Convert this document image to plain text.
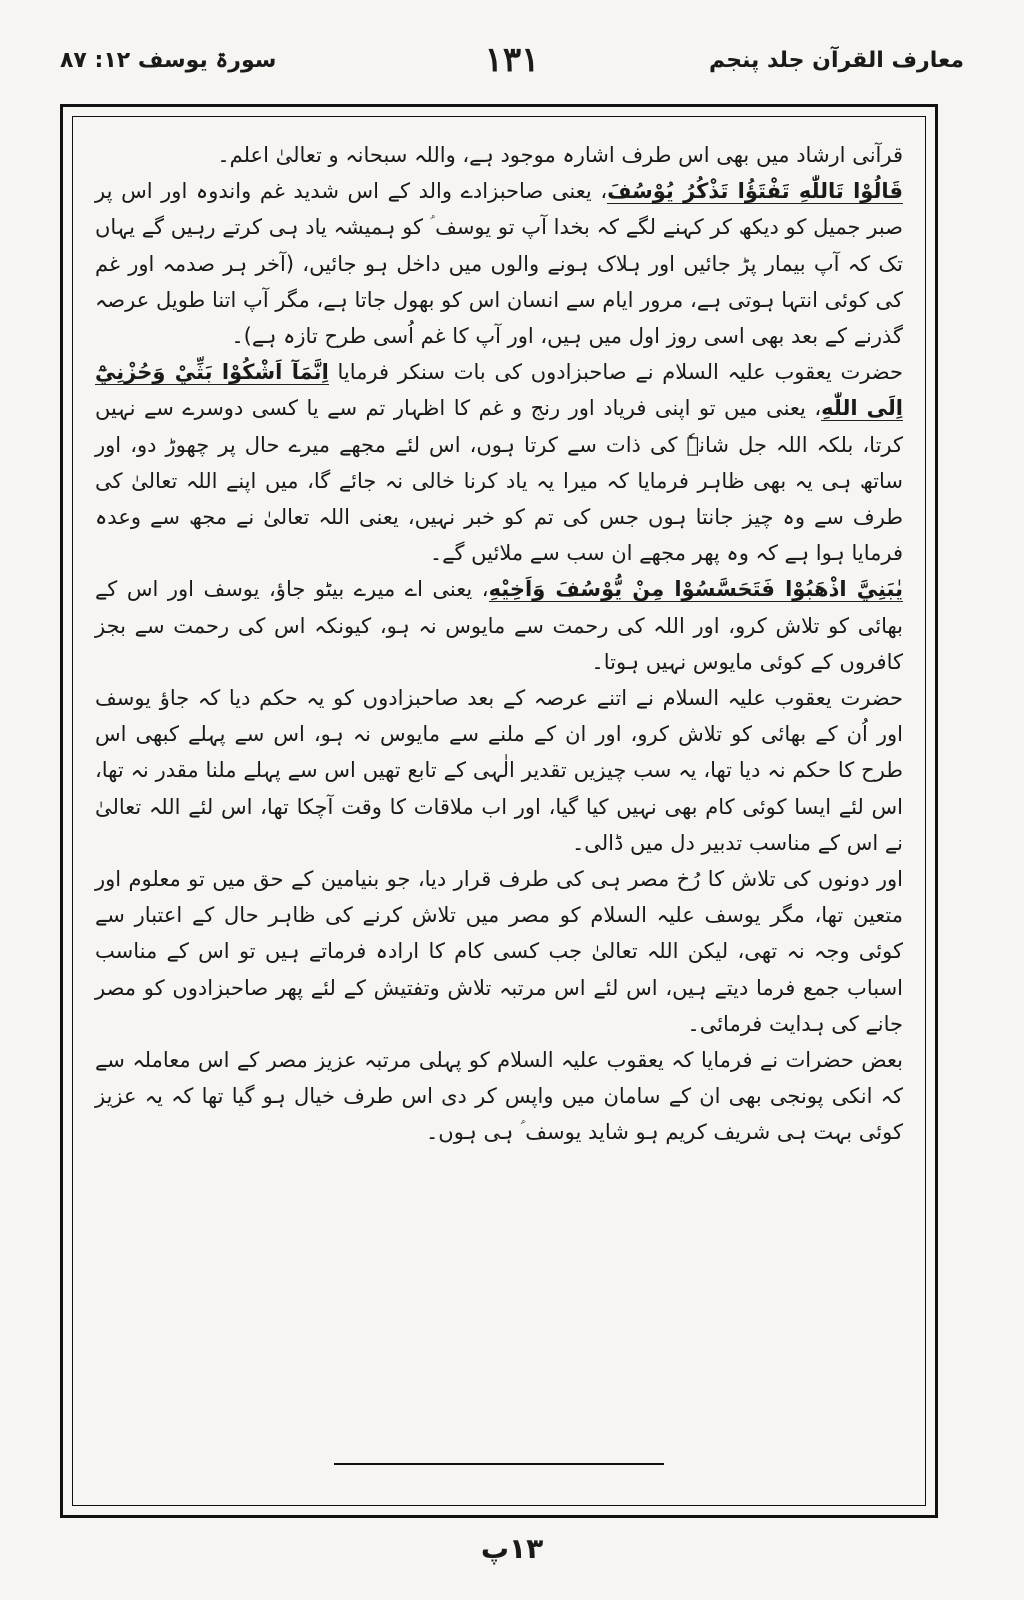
سورۃ یوسف ۱۲: ۸۷	۱۳۱	معارف القرآن جلد پنجم

قرآنی ارشاد میں بھی اس طرف اشارہ موجود ہے، واللہ سبحانہ و تعالیٰ اعلم۔

قَالُوْا تَاللّٰهِ تَفْتَؤُا تَذْكُرُ يُوْسُفَ، یعنی صاحبزادے والد کے اس شدید غم واندوہ اور اس پر صبر جمیل کو دیکھ کر کہنے لگے کہ بخدا آپ تو یوسف ؑ کو ہمیشہ یاد ہی کرتے رہیں گے یہاں تک کہ آپ بیمار پڑ جائیں اور ہلاک ہونے والوں میں داخل ہو جائیں، (آخر ہر صدمہ اور غم کی کوئی انتہا ہوتی ہے، مرور ایام سے انسان اس کو بھول جاتا ہے، مگر آپ اتنا طویل عرصہ گذرنے کے بعد بھی اسی روز اول میں ہیں، اور آپ کا غم اُسی طرح تازہ ہے)۔

حضرت یعقوب علیہ السلام نے صاحبزادوں کی بات سنکر فرمایا اِنَّمَآ اَشْكُوْا بَثِّيْ وَحُزْنِيْٓ اِلَى اللّٰهِ، یعنی میں تو اپنی فریاد اور رنج و غم کا اظہار تم سے یا کسی دوسرے سے نہیں کرتا، بلکہ اللہ جل شانہٗ کی ذات سے کرتا ہوں، اس لئے مجھے میرے حال پر چھوڑ دو، اور ساتھ ہی یہ بھی ظاہر فرمایا کہ میرا یہ یاد کرنا خالی نہ جائے گا، میں اپنے اللہ تعالیٰ کی طرف سے وہ چیز جانتا ہوں جس کی تم کو خبر نہیں، یعنی اللہ تعالیٰ نے مجھ سے وعدہ فرمایا ہوا ہے کہ وہ پھر مجھے ان سب سے ملائیں گے۔

يٰبَنِيَّ اذْهَبُوْا فَتَحَسَّسُوْا مِنْ يُّوْسُفَ وَاَخِيْهِ، یعنی اے میرے بیٹو جاؤ، یوسف اور اس کے بھائی کو تلاش کرو، اور اللہ کی رحمت سے مایوس نہ ہو، کیونکہ اس کی رحمت سے بجز کافروں کے کوئی مایوس نہیں ہوتا۔

حضرت یعقوب علیہ السلام نے اتنے عرصہ کے بعد صاحبزادوں کو یہ حکم دیا کہ جاؤ یوسف اور اُن کے بھائی کو تلاش کرو، اور ان کے ملنے سے مایوس نہ ہو، اس سے پہلے کبھی اس طرح کا حکم نہ دیا تھا، یہ سب چیزیں تقدیر الٰہی کے تابع تھیں اس سے پہلے ملنا مقدر نہ تھا، اس لئے ایسا کوئی کام بھی نہیں کیا گیا، اور اب ملاقات کا وقت آچکا تھا، اس لئے اللہ تعالیٰ نے اس کے مناسب تدبیر دل میں ڈالی۔

اور دونوں کی تلاش کا رُخ مصر ہی کی طرف قرار دیا، جو بنیامین کے حق میں تو معلوم اور متعین تھا، مگر یوسف علیہ السلام کو مصر میں تلاش کرنے کی ظاہر حال کے اعتبار سے کوئی وجہ نہ تھی، لیکن اللہ تعالیٰ جب کسی کام کا ارادہ فرماتے ہیں تو اس کے مناسب اسباب جمع فرما دیتے ہیں، اس لئے اس مرتبہ تلاش وتفتیش کے لئے پھر صاحبزادوں کو مصر جانے کی ہدایت فرمائی۔

بعض حضرات نے فرمایا کہ یعقوب علیہ السلام کو پہلی مرتبہ عزیز مصر کے اس معاملہ سے کہ انکی پونجی بھی ان کے سامان میں واپس کر دی اس طرف خیال ہو گیا تھا کہ یہ عزیز کوئی بہت ہی شریف کریم ہو شاید یوسف ؑ ہی ہوں۔

۱۳پ
